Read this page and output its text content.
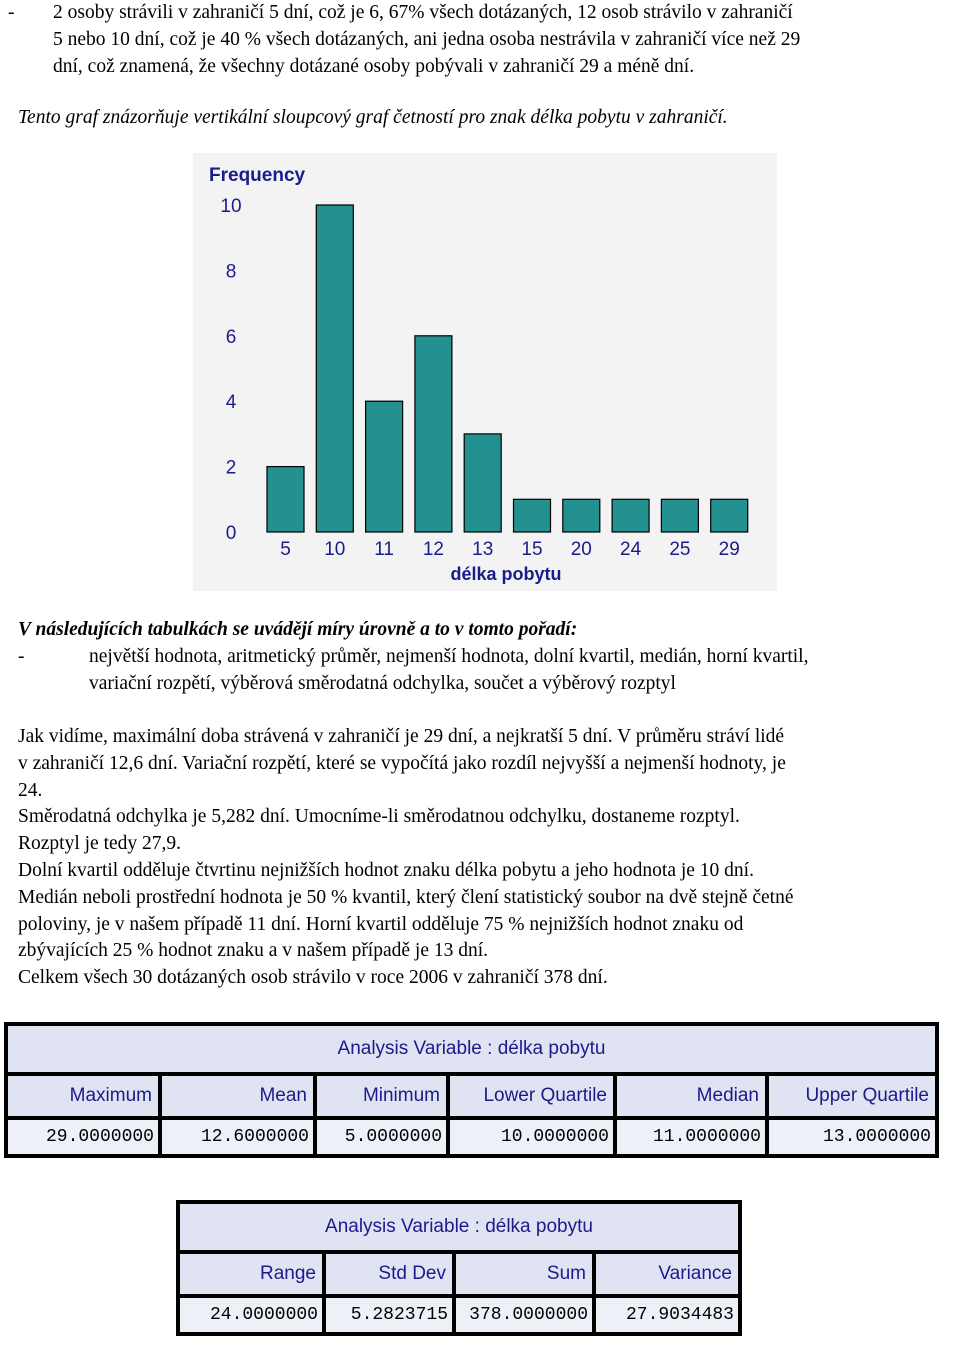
- 2 osoby strávili v zahraničí 5 dní, což je 6, 67% všech dotázaných, 12 osob strávilo v zahraničí
5 nebo 10 dní, což je 40 % všech dotázaných, ani jedna osoba nestrávila v zahraničí více než 29
dní, což znamená, že všechny dotázané osoby pobývali v zahraničí 29 a méně dní.
Tento graf znázorňuje vertikální sloupcový graf četností pro znak délka pobytu v zahraničí.
Frequency
0
2
4
6
8
10
5 10 11 12 13 15 20 24 25 29
délka pobytu
V následujících tabulkách se uvádějí míry úrovně a to v tomto pořadí:
-	největší hodnota, aritmetický průměr, nejmenší hodnota, dolní kvartil, medián, horní kvartil,
variační rozpětí, výběrová směrodatná odchylka, součet a výběrový rozptyl
Jak vidíme, maximální doba strávená v zahraničí je 29 dní, a nejkratší 5 dní. V průměru stráví lidé
v zahraničí 12,6 dní. Variační rozpětí, které se vypočítá jako rozdíl nejvyšší a nejmenší hodnoty, je
24.
Směrodatná odchylka je 5,282 dní. Umocníme-li směrodatnou odchylku, dostaneme rozptyl.
Rozptyl je tedy 27,9.
Dolní kvartil odděluje čtvrtinu nejnižších hodnot znaku délka pobytu a jeho hodnota je 10 dní.
Medián neboli prostřední hodnota je 50 % kvantil, který člení statistický soubor na dvě stejně četné
poloviny, je v našem případě 11 dní. Horní kvartil odděluje 75 % nejnižších hodnot znaku od
zbývajících 25 % hodnot znaku a v našem případě je 13 dní.
Celkem všech 30 dotázaných osob strávilo v roce 2006 v zahraničí 378 dní.
Analysis Variable : délka pobytu					
Maximum	Mean	Minimum	Lower Quartile	Median	Upper Quartile
29.0000000	12.6000000	5.0000000	10.0000000	11.0000000	13.0000000
Analysis Variable : délka pobytu			
Range	Std Dev	Sum	Variance
24.0000000	5.2823715	378.0000000	27.9034483
